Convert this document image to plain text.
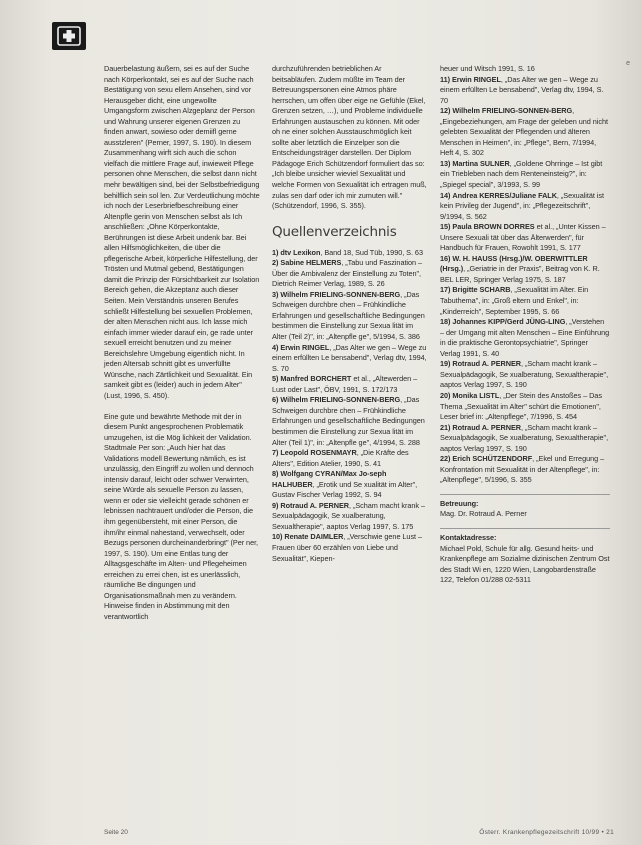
e

Dauerbelastung äußern, sei es auf der Suche nach Körperkontakt, sei es auf der Suche nach Bestätigung von sexu ellem Ansehen, sind vor Herausgeber dicht, eine ungewollte Umgangsform zwischen Alzgeplanz der Person und Wahrung unserer eigenen Grenzen zu finden anwart, sowieso oder demiifl gerne ausstzleren" (Perner, 1997, S. 190). In diesem Zusammenhang wirft sich auch die schon vielfach die mittlere Frage auf, inwieweit Pflege personen ohne Menschen, die selbst dann nicht mehr bewältigen sind, bei der Selbstbefriedigung behilflich sein sol len. Zur Verdeutlichung möchte ich noch der Leserbriefbeschreibung einer Altenpfle gerin von Menschen selbst als Ich anschließen: „Ohne Körperkontakte, Berührungen ist diese Arbeit undenk bar. Bei allen Hilfsmöglichkeiten, die über die pflegerische Arbeit, körperliche Hilfestellung, der Trösten und Mutmal gebend, Bestätigungen damit die Prinzip der Fürsichtbarkeit zur Isolation Bereich gehen, die Akzeptanz auch dieser Seiten. Mein Verständnis unseren Berufes schließt Hilfestellung bei sexuellen Problemen, der alten Menschen nicht aus. Ich lasse mich einfach immer wieder darauf ein, ge rade unter sexuell erreicht benutzen und zu meiner Bereichslehre Umgebung eigentlich nicht. In jeden Altersab schnitt gibt es unverfüllte Wünsche, nach Zärtlichkeit und Sexualität. Ein samkeit gibt es (leider) auch in jedem Alter" (Lust, 1996, S. 450).

Eine gute und bewährte Methode mit der in diesem Punkt angesprochenen Problematik umzugehen, ist die Mög lichkeit der Validation. Stadtmale Per son: „Auch hier hat das Validations modell Bewertung nämlich, es ist unzulässig, den Eingriff zu wollen und dennoch intensiv darauf, leicht oder schwer Verwirrten, seine Würde als sexuelle Person zu lassen, wenn er oder sie vielleicht gerade schönen er lebnissen nachtrauert und/oder die Person, die ihm gegenübersteht, mit einer Person, die ihm/ihr einmal nahestand, verwechselt, oder Bezugs personen durcheinanderbringt" (Per ner, 1997, S. 190). Um eine Entlas tung der Alltagsgeschäfte im Alten- und Pflegeheimen erreichen zu errei chen, ist es unerlässlich, räumliche Be dingungen und Organisationsmaßnah men zu verändern. Hinweise finden in Abstimmung mit den verantwortlich

durchzuführenden betrieblichen Ar beitsabläufen. Zudem müßte im Team der Betreuungspersonen eine Atmos phäre herrschen, um offen über eige ne Gefühle (Ekel, Grenzen setzen, …), und Probleme individuelle Erfahrungen austauschen zu können. Mit oder oh ne einer solchen Ausstauschmöglich keit sollte aber letztlich die Einzelper son die Entscheidungsträger darstellen. Der Diplom Pädagoge Erich Schützendorf formuliert das so: „Ich bleibe unsicher wieviel Sexualität und welche Formen von Sexualität ich ertragen muß, zulas sen darf oder ich mir zumuten will." (Schützendorf, 1996, S. 355).

Quellenverzeichnis

1) dtv Lexikon, Band 18, Sud Tüb, 1990, S. 63

2) Sabine HELMERS, „Tabu und Faszination – Über die Ambivalenz der Einstellung zu Toten", Dietrich Reimer Verlag, 1989, S. 26

3) Wilhelm FRIELING-SONNEN-BERG, „Das Schweigen durchbre chen – Frühkindliche Erfahrungen und gesellschaftliche Bedingungen bestimmen die Einstellung zur Sexua lität im Alter (Teil 2)", in: „Altenpfle ge", 5/1994, S. 386

4) Erwin RINGEL, „Das Alter we gen – Wege zu einem erfüllten Le bensabend", Verlag dtv, 1994, S. 70

5) Manfred BORCHERT et al., „Altewerden – Lust oder Last", ÖBV, 1991, S. 172/173

6) Wilhelm FRIELING-SONNEN-BERG, „Das Schweigen durchbre chen – Frühkindliche Erfahrungen und gesellschaftliche Bedingungen bestimmen die Einstellung zur Sexua lität im Alter (Teil 1)", in: „Altenpfle ge", 4/1994, S. 288

7) Leopold ROSENMAYR, „Die Kräfte des Alters", Edition Atelier, 1990, S. 41

8) Wolfgang CYRAN/Max Jo-seph HALHUBER, „Erotik und Se xualität im Alter", Gustav Fischer Verlag 1992, S. 94

9) Rotraud A. PERNER, „Scham macht krank – Sexualpädagogik, Se xualberatung, Sexualtherapie", aaptos Verlag 1997, S. 175

10) Renate DAIMLER, „Verschwie gene Lust – Frauen über 60 erzählen von Liebe und Sexualität", Kiepen-

heuer und Witsch 1991, S. 16

11) Erwin RINGEL, „Das Alter we gen – Wege zu einem erfüllten Le bensabend", Verlag dtv, 1994, S. 70

12) Wilhelm FRIELING-SONNEN-BERG, „Eingebeziehungen, am Frage der geleben und nicht gelebten Sexualität der Pflegenden und älteren Menschen in Heimen", in: „Pflege", Bern, 7/1994, Heft 4, S. 302

13) Martina SULNER, „Goldene Ohrringe – Ist gibt ein Triebleben nach dem Renteneinsteig?", in: „Spiegel special", 3/1993, S. 99

14) Andrea KERRES/Juliane FALK, „Sexualität ist kein Privileg der Jugend", in: „Pflegezeitschrift", 9/1994, S. 562

15) Paula BROWN DORRES et al., „Unter Kissen – Unsere Sexuali tät über das Älterwerden", für Handbuch für Frauen, Rowohlt 1991, S. 177

16) W. H. HAUSS (Hrsg.)/W. OBERWITTLER (Hrsg.), „Geriatrie in der Praxis", Beitrag von K. R. BEL LER, Springer Verlag 1975, S. 187

17) Brigitte SCHARB, „Sexualität im Alter. Ein Tabuthema", in: „Groß eltern und Enkel", in: „Kinderreich", September 1995, S. 66

18) Johannes KIPP/Gerd JÜNG-LING, „Verstehen – der Umgang mit alten Menschen – Eine Einführung in die praktische Gerontopsychiatrie", Springer Verlag 1991, S. 40

19) Rotraud A. PERNER, „Scham macht krank – Sexualpädagogik, Se xualberatung, Sexualtherapie", aaptos Verlag 1997, S. 190

20) Monika LISTL, „Der Stein des Anstoßes – Das Thema „Sexualität im Alter" schürt die Emotionen", Leser brief in: „Altenpflege", 7/1996, S. 454

21) Rotraud A. PERNER, „Scham macht krank – Sexualpädagogik, Se xualberatung, Sexualtherapie", aaptos Verlag 1997, S. 190

22) Erich SCHÜTZENDORF, „Ekel und Erregung – Konfrontation mit Sexualität in der Altenpflege", in: „Altenpflege", 5/1996, S. 355

Betreuung:

Mag. Dr. Rotraud A. Perner

Kontaktadresse:

Michael Pold, Schule für allg. Gesund heits- und Krankenpflege am Sozialme dizinischen Zentrum Ost des Stadt Wi en, 1220 Wien, Langobardenstraße 122, Telefon 01/288 02-5311

Seite 20	Österr. Krankenpflegezeitschrift 10/99 • 21
